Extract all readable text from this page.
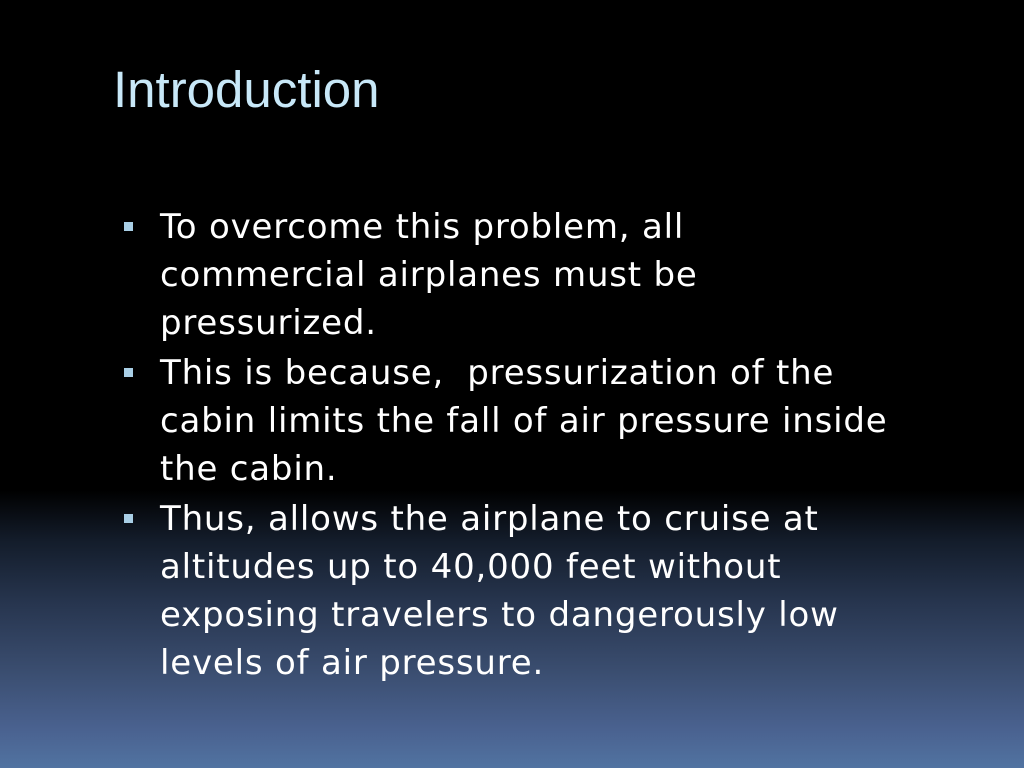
Introduction
To overcome this problem, all
commercial airplanes must be
pressurized.
This is because,  pressurization of the
cabin limits the fall of air pressure inside
the cabin.
Thus, allows the airplane to cruise at
altitudes up to 40,000 feet without
exposing travelers to dangerously low
levels of air pressure.
